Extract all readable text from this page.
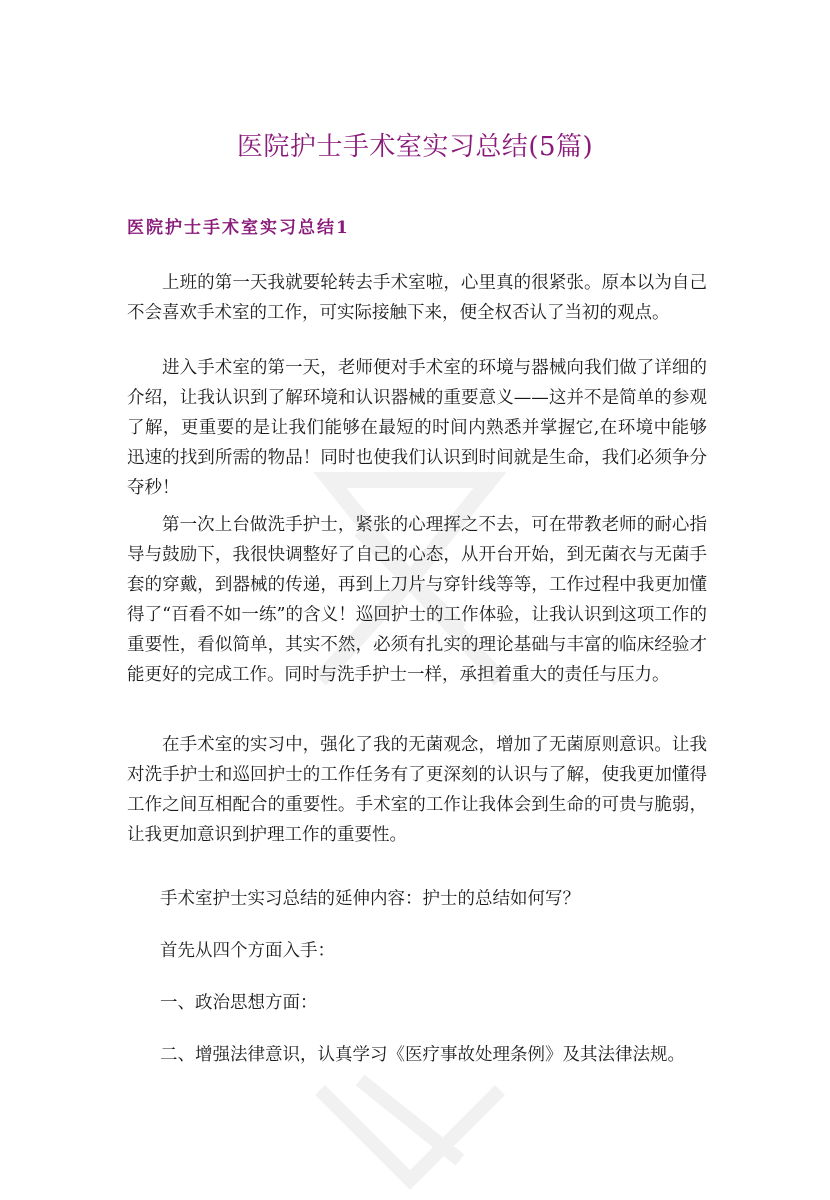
医院护士手术室实习总结(5篇)
医院护士手术室实习总结1

上班的第一天我就要轮转去手术室啦，心里真的很紧张。原本以为自己不会喜欢手术室的工作，可实际接触下来，便全权否认了当初的观点。

进入手术室的第一天，老师便对手术室的环境与器械向我们做了详细的介绍，让我认识到了解环境和认识器械的重要意义——这并不是简单的参观了解，更重要的是让我们能够在最短的时间内熟悉并掌握它,在环境中能够迅速的找到所需的物品！同时也使我们认识到时间就是生命，我们必须争分夺秒！

第一次上台做洗手护士，紧张的心理挥之不去，可在带教老师的耐心指导与鼓励下，我很快调整好了自己的心态，从开台开始，到无菌衣与无菌手套的穿戴，到器械的传递，再到上刀片与穿针线等等，工作过程中我更加懂得了“百看不如一练”的含义！巡回护士的工作体验，让我认识到这项工作的重要性，看似简单，其实不然，必须有扎实的理论基础与丰富的临床经验才能更好的完成工作。同时与洗手护士一样，承担着重大的责任与压力。

在手术室的实习中，强化了我的无菌观念，增加了无菌原则意识。让我对洗手护士和巡回护士的工作任务有了更深刻的认识与了解，使我更加懂得工作之间互相配合的重要性。手术室的工作让我体会到生命的可贵与脆弱，让我更加意识到护理工作的重要性。

手术室护士实习总结的延伸内容：护士的总结如何写？

首先从四个方面入手：

一、政治思想方面：

二、增强法律意识，认真学习《医疗事故处理条例》及其法律法规。
